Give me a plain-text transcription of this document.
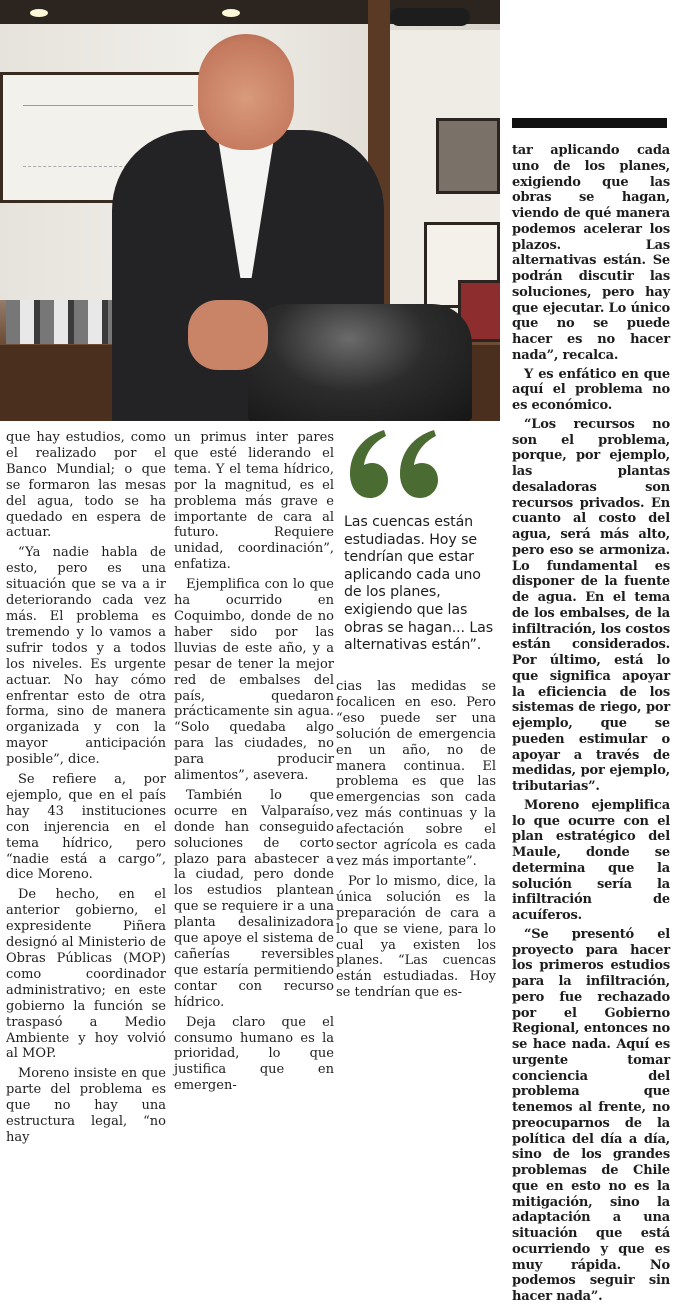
que hay estudios, como el realizado por el Banco Mundial; o que se formaron las mesas del agua, todo se ha quedado en espera de actuar.

“Ya nadie habla de esto, pero es una situación que se va a ir deteriorando cada vez más. El problema es tremendo y lo vamos a sufrir todos y a todos los niveles. Es urgente actuar. No hay cómo enfrentar esto de otra forma, sino de manera organizada y con la mayor anticipación posible”, dice.

Se refiere a, por ejemplo, que en el país hay 43 instituciones con injerencia en el tema hídrico, pero “nadie está a cargo”, dice Moreno.

De hecho, en el anterior gobierno, el expresidente Piñera designó al Ministerio de Obras Públicas (MOP) como coordinador administrativo; en este gobierno la función se traspasó a Medio Ambiente y hoy volvió al MOP.

Moreno insiste en que parte del problema es que no hay una estructura legal, “no hay

un primus inter pares que esté liderando el tema. Y el tema hídrico, por la magnitud, es el problema más grave e importante de cara al futuro. Requiere unidad, coordinación”, enfatiza.

Ejemplifica con lo que ha ocurrido en Coquimbo, donde de no haber sido por las lluvias de este año, y a pesar de tener la mejor red de embalses del país, quedaron prácticamente sin agua. “Solo quedaba algo para las ciudades, no para producir alimentos”, asevera.

También lo que ocurre en Valparaíso, donde han conseguido soluciones de corto plazo para abastecer a la ciudad, pero donde los estudios plantean que se requiere ir a una planta desalinizadora que apoye el sistema de cañerías reversibles que estaría permitiendo contar con recurso hídrico.

Deja claro que el consumo humano es la prioridad, lo que justifica que en emergen-

Las cuencas están estudiadas. Hoy se tendrían que estar aplicando cada uno de los planes, exigiendo que las obras se hagan... Las alternativas están”.

cias las medidas se focalicen en eso. Pero “eso puede ser una solución de emergencia en un año, no de manera continua. El problema es que las emergencias son cada vez más continuas y la afectación sobre el sector agrícola es cada vez más importante”.

Por lo mismo, dice, la única solución es la preparación de cara a lo que se viene, para lo cual ya existen los planes. “Las cuencas están estudiadas. Hoy se tendrían que es-

tar aplicando cada uno de los planes, exigiendo que las obras se hagan, viendo de qué manera podemos acelerar los plazos. Las alternativas están. Se podrán discutir las soluciones, pero hay que ejecutar. Lo único que no se puede hacer es no hacer nada”, recalca.

Y es enfático en que aquí el problema no es económico.

“Los recursos no son el problema, porque, por ejemplo, las plantas desaladoras son recursos privados. En cuanto al costo del agua, será más alto, pero eso se armoniza. Lo fundamental es disponer de la fuente de agua. En el tema de los embalses, de la infiltración, los costos están considerados. Por último, está lo que significa apoyar la eficiencia de los sistemas de riego, por ejemplo, que se pueden estimular o apoyar a través de medidas, por ejemplo, tributarias”.

Moreno ejemplifica lo que ocurre con el plan estratégico del Maule, donde se determina que la solución sería la infiltración de acuíferos.

“Se presentó el proyecto para hacer los primeros estudios para la infiltración, pero fue rechazado por el Gobierno Regional, entonces no se hace nada. Aquí es urgente tomar conciencia del problema que tenemos al frente, no preocuparnos de la política del día a día, sino de los grandes problemas de Chile que en esto no es la mitigación, sino la adaptación a una situación que está ocurriendo y que es muy rápida. No podemos seguir sin hacer nada”.
